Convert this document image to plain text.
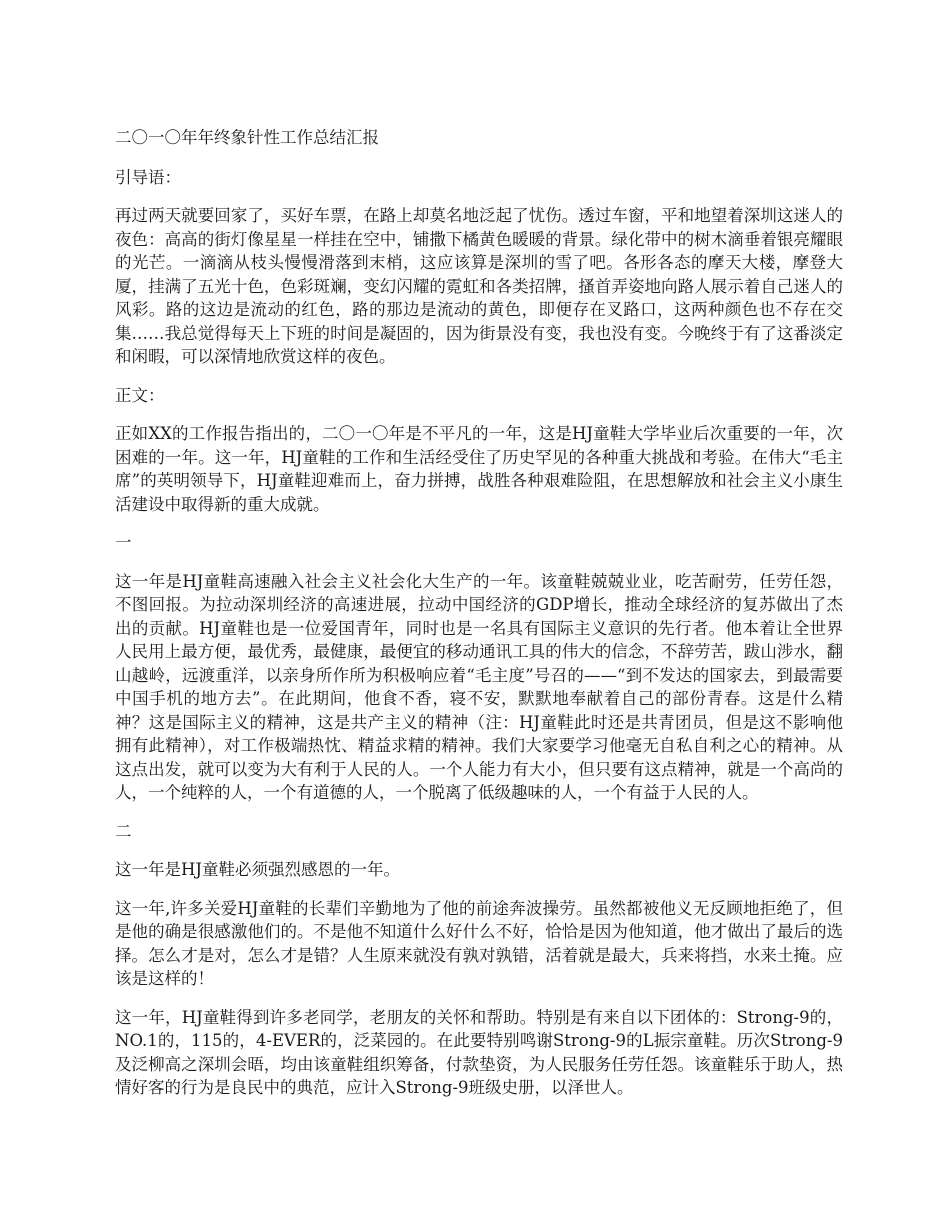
二〇一〇年年终象针性工作总结汇报

引导语：

再过两天就要回家了，买好车票，在路上却莫名地泛起了忧伤。透过车窗，平和地望着深圳这迷人的夜色：高高的街灯像星星一样挂在空中，铺撒下橘黄色暖暖的背景。绿化带中的树木滴垂着银亮耀眼的光芒。一滴滴从枝头慢慢滑落到末梢，这应该算是深圳的雪了吧。各形各态的摩天大楼，摩登大厦，挂满了五光十色，色彩斑斓，变幻闪耀的霓虹和各类招牌，搔首弄姿地向路人展示着自己迷人的风彩。路的这边是流动的红色，路的那边是流动的黄色，即便存在叉路口，这两种颜色也不存在交集……我总觉得每天上下班的时间是凝固的，因为街景没有变，我也没有变。今晚终于有了这番淡定和闲暇，可以深情地欣赏这样的夜色。

正文：

正如XX的工作报告指出的，二〇一〇年是不平凡的一年，这是HJ童鞋大学毕业后次重要的一年，次困难的一年。这一年，HJ童鞋的工作和生活经受住了历史罕见的各种重大挑战和考验。在伟大“毛主席”的英明领导下，HJ童鞋迎难而上，奋力拼搏，战胜各种艰难险阻，在思想解放和社会主义小康生活建设中取得新的重大成就。

一

这一年是HJ童鞋高速融入社会主义社会化大生产的一年。该童鞋兢兢业业，吃苦耐劳，任劳任怨，不图回报。为拉动深圳经济的高速进展，拉动中国经济的GDP增长，推动全球经济的复苏做出了杰出的贡献。HJ童鞋也是一位爱国青年，同时也是一名具有国际主义意识的先行者。他本着让全世界人民用上最方便，最优秀，最健康，最便宜的移动通讯工具的伟大的信念，不辞劳苦，跋山涉水，翻山越岭，远渡重洋，以亲身所作所为积极响应着“毛主度”号召的——“到不发达的国家去，到最需要中国手机的地方去”。在此期间，他食不香，寝不安，默默地奉献着自己的部份青春。这是什么精神？这是国际主义的精神，这是共产主义的精神（注：HJ童鞋此时还是共青团员，但是这不影响他拥有此精神），对工作极端热忱、精益求精的精神。我们大家要学习他毫无自私自利之心的精神。从这点出发，就可以变为大有利于人民的人。一个人能力有大小，但只要有这点精神，就是一个高尚的人，一个纯粹的人，一个有道德的人，一个脱离了低级趣味的人，一个有益于人民的人。

二

这一年是HJ童鞋必须强烈感恩的一年。

这一年,许多关爱HJ童鞋的长辈们辛勤地为了他的前途奔波操劳。虽然都被他义无反顾地拒绝了，但是他的确是很感激他们的。不是他不知道什么好什么不好，恰恰是因为他知道，他才做出了最后的选择。怎么才是对，怎么才是错？人生原来就没有孰对孰错，活着就是最大，兵来将挡，水来土掩。应该是这样的！

这一年，HJ童鞋得到许多老同学，老朋友的关怀和帮助。特别是有来自以下团体的：Strong-9的，NO.1的，115的，4-EVER的，泛菜园的。在此要特别鸣谢Strong-9的L振宗童鞋。历次Strong-9及泛柳高之深圳会晤，均由该童鞋组织筹备，付款垫资，为人民服务任劳任怨。该童鞋乐于助人，热情好客的行为是良民中的典范，应计入Strong-9班级史册，以泽世人。
